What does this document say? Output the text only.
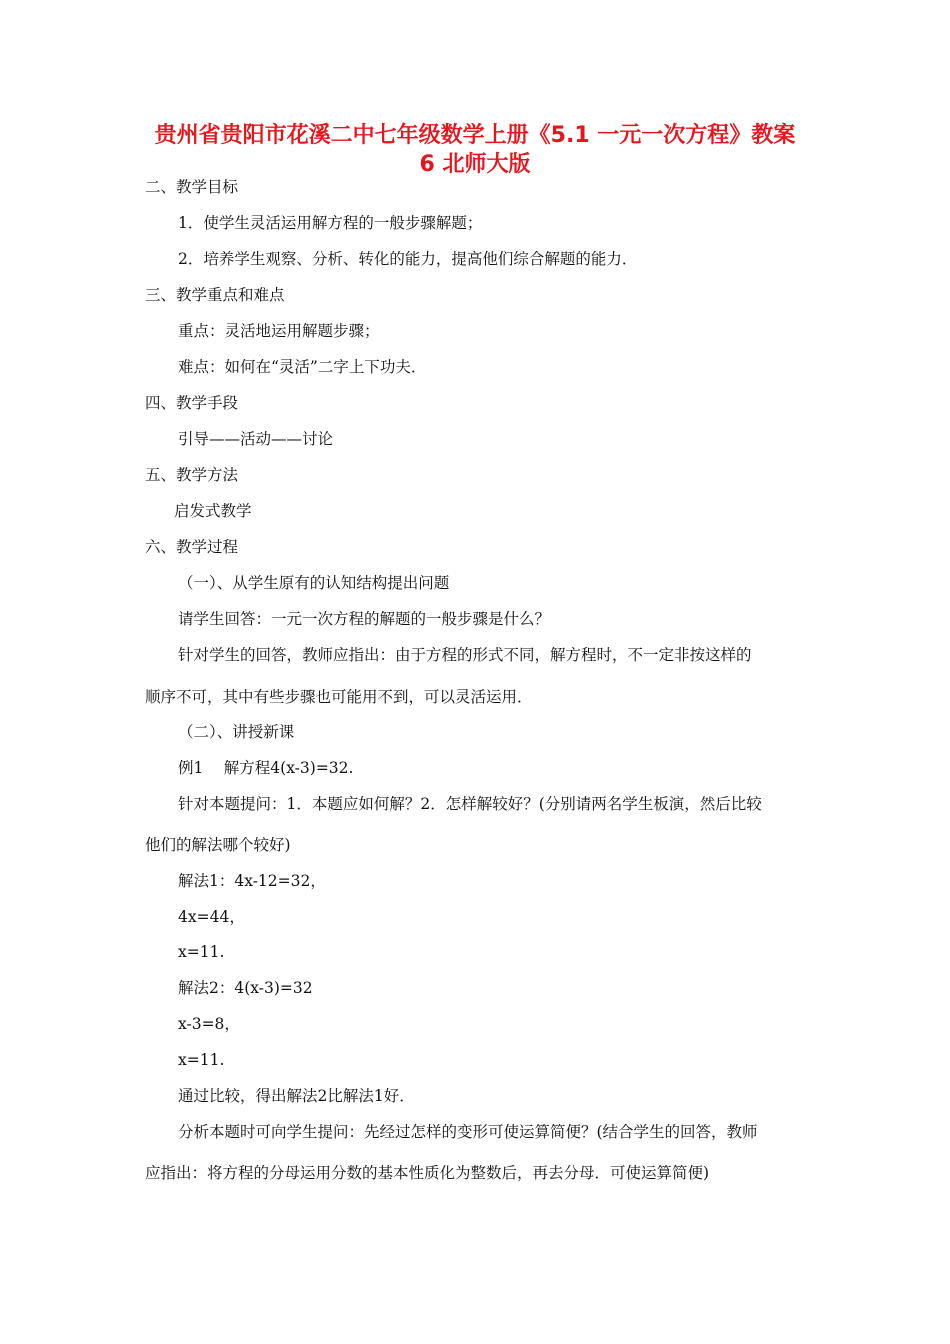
贵州省贵阳市花溪二中七年级数学上册《5.1 一元一次方程》教案
6 北师大版
二、教学目标
1．使学生灵活运用解方程的一般步骤解题；
2．培养学生观察、分析、转化的能力，提高他们综合解题的能力．
三、教学重点和难点
重点：灵活地运用解题步骤；
难点：如何在“灵活”二字上下功夫．
四、教学手段
引导——活动——讨论
五、教学方法
启发式教学
六、教学过程
（一）、从学生原有的认知结构提出问题
请学生回答：一元一次方程的解题的一般步骤是什么？
针对学生的回答，教师应指出：由于方程的形式不同，解方程时，不一定非按这样的
顺序不可，其中有些步骤也可能用不到，可以灵活运用．
（二）、讲授新课
例1　 解方程4(x-3)=32.
针对本题提问：1．本题应如何解？2．怎样解较好？(分别请两名学生板演，然后比较
他们的解法哪个较好)
解法1：4x-12=32，
4x=44，
x=11.
解法2：4(x-3)=32
x-3=8，
x=11.
通过比较，得出解法2比解法1好．
分析本题时可向学生提问：先经过怎样的变形可使运算简便？(结合学生的回答，教师
应指出：将方程的分母运用分数的基本性质化为整数后，再去分母．可使运算简便)
